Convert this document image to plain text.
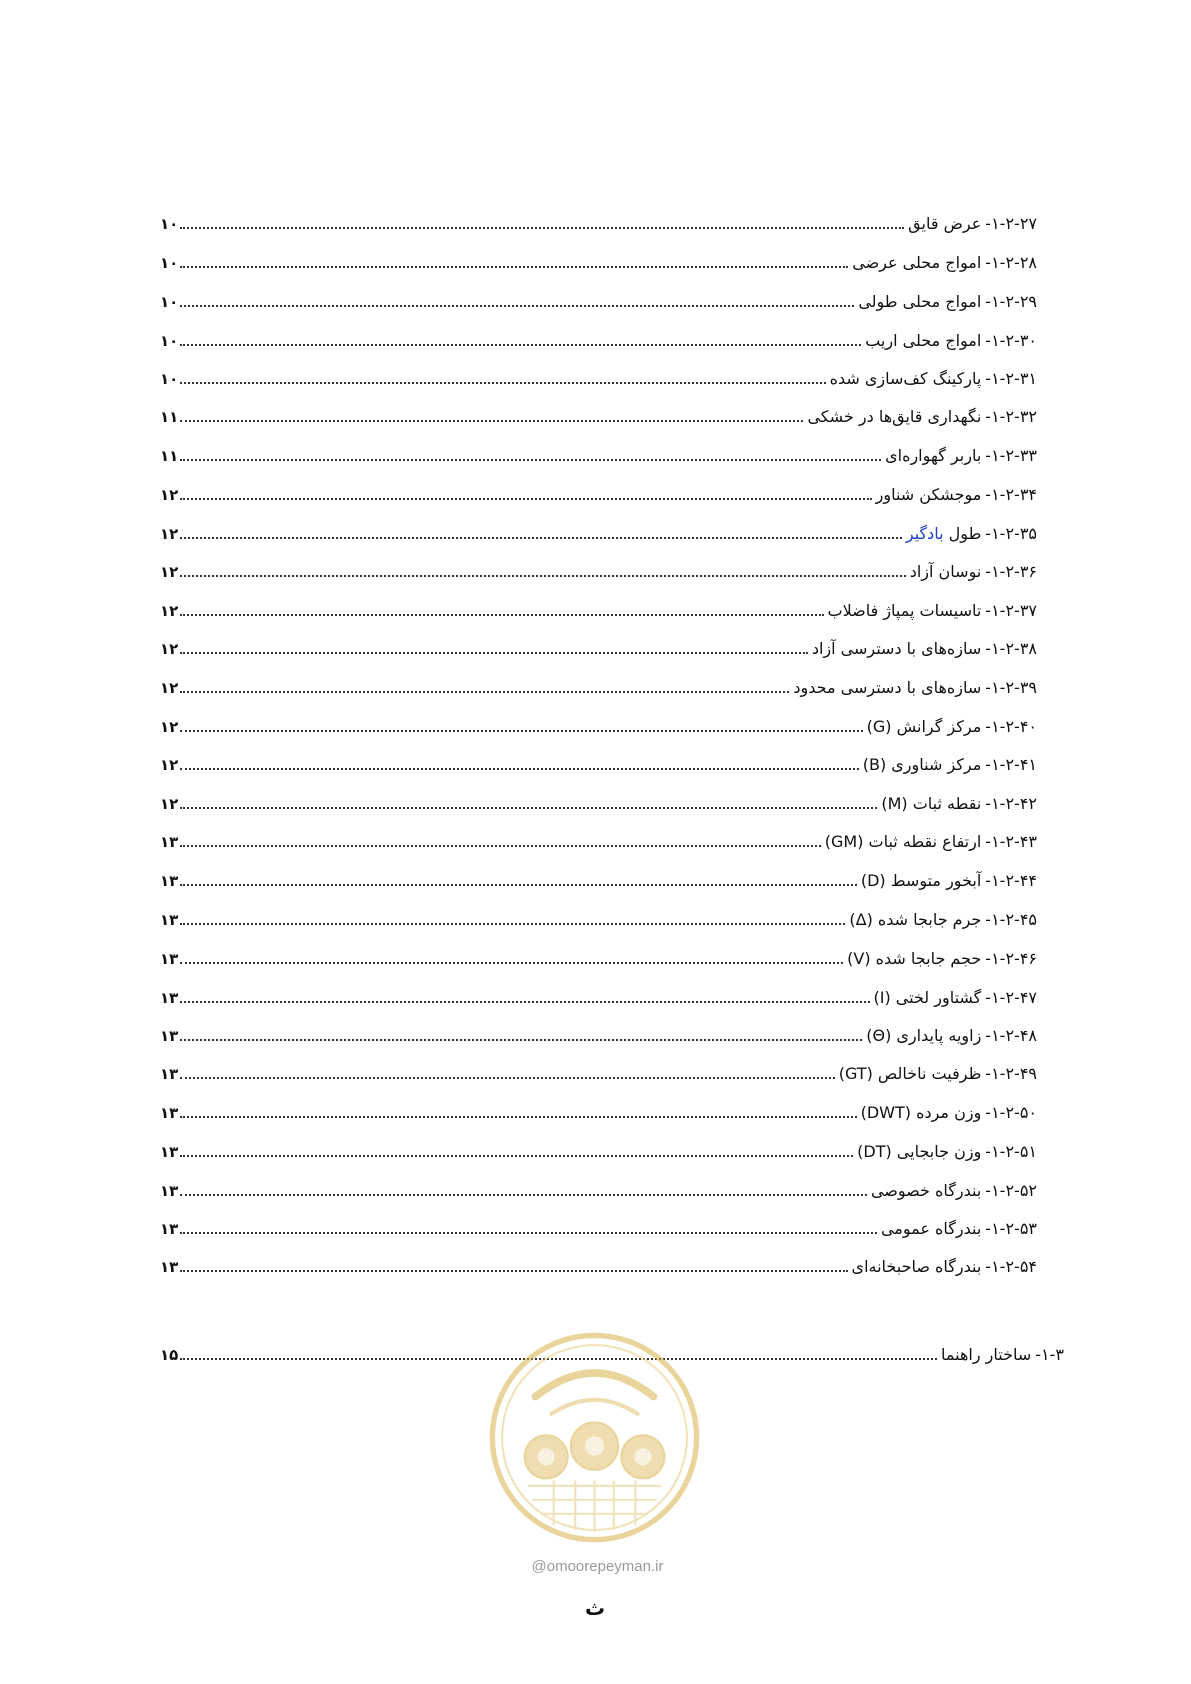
۱-۲-۲۷-
عرض قایق
۱۰
۱-۲-۲۸-
امواج محلی عرضی
۱۰
۱-۲-۲۹-
امواج محلی طولی
۱۰
۱-۲-۳۰-
امواج محلی اریب
۱۰
۱-۲-۳۱-
پارکینگ کف‌سازی شده
۱۰
۱-۲-۳۲-
نگهداری قایق‌ها در خشکی
۱۱
۱-۲-۳۳-
باربر گهواره‌ای
۱۱
۱-۲-۳۴-
موجشکن شناور
۱۲
۱-۲-۳۵-
طول بادگیر
۱۲
۱-۲-۳۶-
نوسان آزاد
۱۲
۱-۲-۳۷-
تاسیسات پمپاژ فاضلاب
۱۲
۱-۲-۳۸-
سازه‌های با دسترسی آزاد
۱۲
۱-۲-۳۹-
سازه‌های با دسترسی محدود
۱۲
۱-۲-۴۰-
مرکز گرانش (G)
۱۲
۱-۲-۴۱-
مرکز شناوری (B)
۱۲
۱-۲-۴۲-
نقطه ثبات (M)
۱۲
۱-۲-۴۳-
ارتفاع نقطه ثبات (GM)
۱۳
۱-۲-۴۴-
آبخور متوسط (D)
۱۳
۱-۲-۴۵-
جرم جابجا شده (Δ)
۱۳
۱-۲-۴۶-
حجم جابجا شده (V)
۱۳
۱-۲-۴۷-
گشتاور لختی (I)
۱۳
۱-۲-۴۸-
زاویه پایداری (Θ)
۱۳
۱-۲-۴۹-
ظرفیت ناخالص (GT)
۱۳
۱-۲-۵۰-
وزن مرده (DWT)
۱۳
۱-۲-۵۱-
وزن جابجایی (DT)
۱۳
۱-۲-۵۲-
بندرگاه خصوصی
۱۳
۱-۲-۵۳-
بندرگاه عمومی
۱۳
۱-۲-۵۴-
بندرگاه صاحبخانه‌ای
۱۳
۱-۳-
ساختار راهنما
۱۵
@omoorepeyman.ir
ث
